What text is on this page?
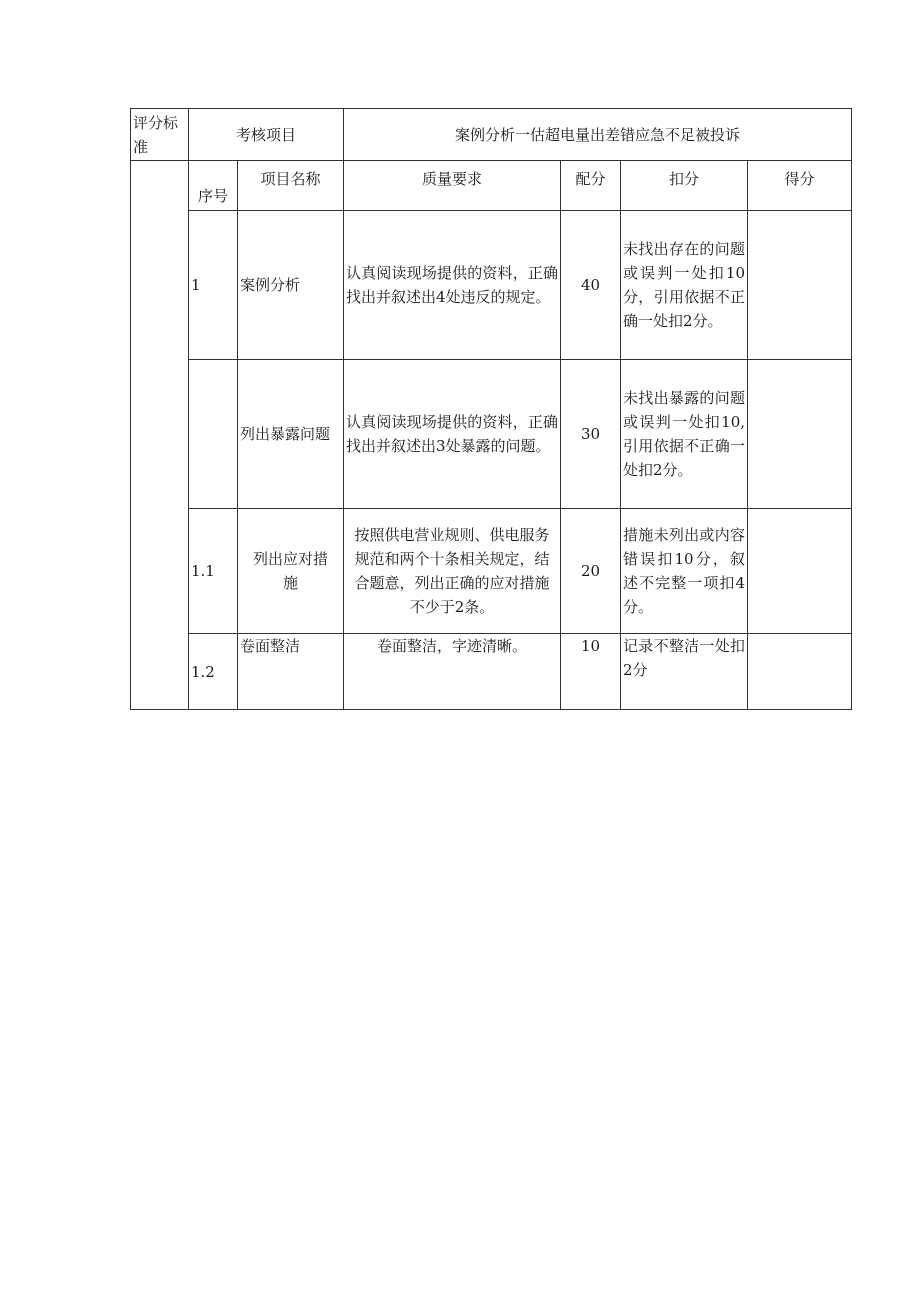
评分标准	考核项目		案例分析一估超电量出差错应急不足被投诉			
	序号	项目名称	质量要求	配分	扣分	得分
	1	案例分析	认真阅读现场提供的资料，正确找出并叙述出4处违反的规定。	40	未找出存在的问题或误判一处扣10分，引用依据不正确一处扣2分。	
		列出暴露问题	认真阅读现场提供的资料，正确找出并叙述出3处暴露的问题。	30	未找出暴露的问题或误判一处扣10,引用依据不正确一处扣2分。	
	1.1	列出应对措施	按照供电营业规则、供电服务规范和两个十条相关规定，结合题意，列出正确的应对措施不少于2条。	20	措施未列出或内容错误扣10分，叙述不完整一项扣4分。	
	1.2	卷面整洁	卷面整洁，字迹清晰。	10	记录不整洁一处扣2分	
